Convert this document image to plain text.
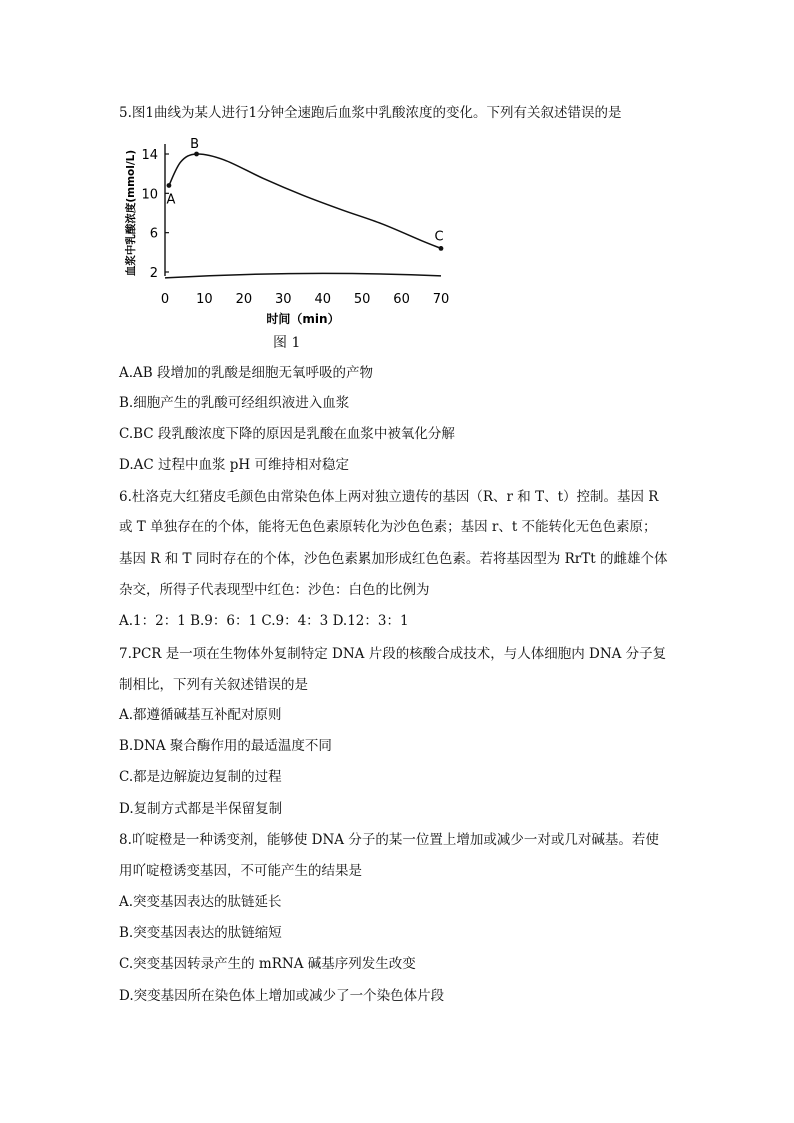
5.图1曲线为某人进行1分钟全速跑后血浆中乳酸浓度的变化。下列有关叙述错误的是
2
6
10
14
0 10 20 30 40 50 60 70
时间（min）
血浆中乳酸浓度(mmol/L) A
B
C
图 1
A.AB 段增加的乳酸是细胞无氧呼吸的产物
B.细胞产生的乳酸可经组织液进入血浆
C.BC 段乳酸浓度下降的原因是乳酸在血浆中被氧化分解
D.AC 过程中血浆 pH 可维持相对稳定
6.杜洛克大红猪皮毛颜色由常染色体上两对独立遗传的基因（R、r 和 T、t）控制。基因 R
或 T 单独存在的个体，能将无色色素原转化为沙色色素；基因 r、t 不能转化无色色素原；
基因 R 和 T 同时存在的个体，沙色色素累加形成红色色素。若将基因型为 RrTt 的雌雄个体
杂交，所得子代表现型中红色：沙色：白色的比例为
A.1：2：1 B.9：6：1 C.9：4：3 D.12：3：1
7.PCR 是一项在生物体外复制特定 DNA 片段的核酸合成技术，与人体细胞内 DNA 分子复
制相比，下列有关叙述错误的是
A.都遵循碱基互补配对原则
B.DNA 聚合酶作用的最适温度不同
C.都是边解旋边复制的过程
D.复制方式都是半保留复制
8.吖啶橙是一种诱变剂，能够使 DNA 分子的某一位置上增加或减少一对或几对碱基。若使
用吖啶橙诱变基因，不可能产生的结果是
A.突变基因表达的肽链延长
B.突变基因表达的肽链缩短
C.突变基因转录产生的 mRNA 碱基序列发生改变
D.突变基因所在染色体上增加或减少了一个染色体片段
